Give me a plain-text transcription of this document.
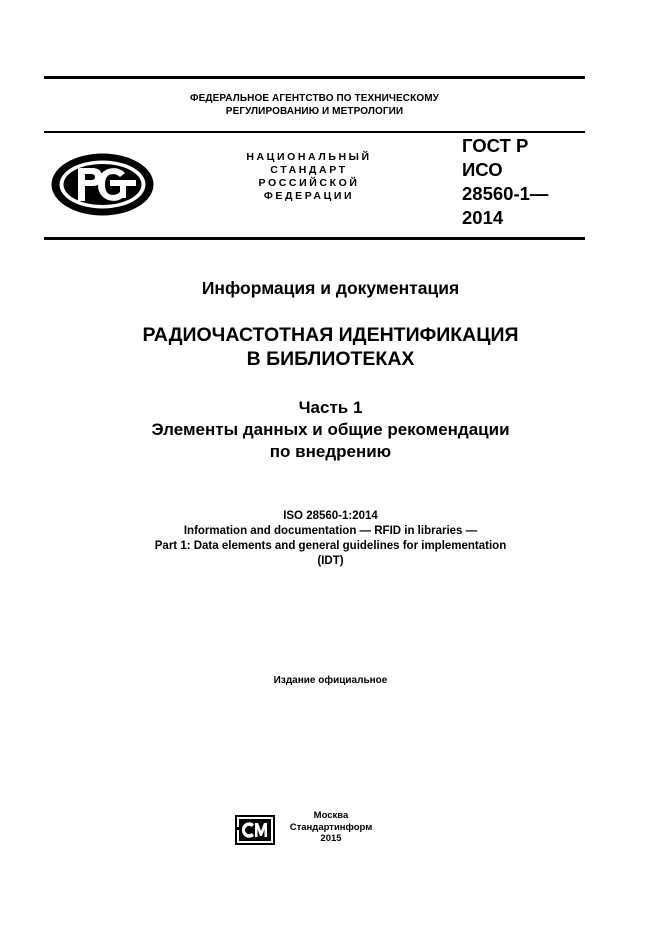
ФЕДЕРАЛЬНОЕ АГЕНТСТВО ПО ТЕХНИЧЕСКОМУ
РЕГУЛИРОВАНИЮ И МЕТРОЛОГИИ
НАЦИОНАЛЬНЫЙ
СТАНДАРТ
РОССИЙСКОЙ
ФЕДЕРАЦИИ
ГОСТ Р
ИСО
28560-1—
2014
Информация и документация
РАДИОЧАСТОТНАЯ ИДЕНТИФИКАЦИЯ
В БИБЛИОТЕКАХ
Часть 1
Элементы данных и общие рекомендации
по внедрению
ISO 28560-1:2014
Information and documentation — RFID in libraries —
Part 1: Data elements and general guidelines for implementation
(IDT)
Издание официальное
Москва
Стандартинформ
2015
